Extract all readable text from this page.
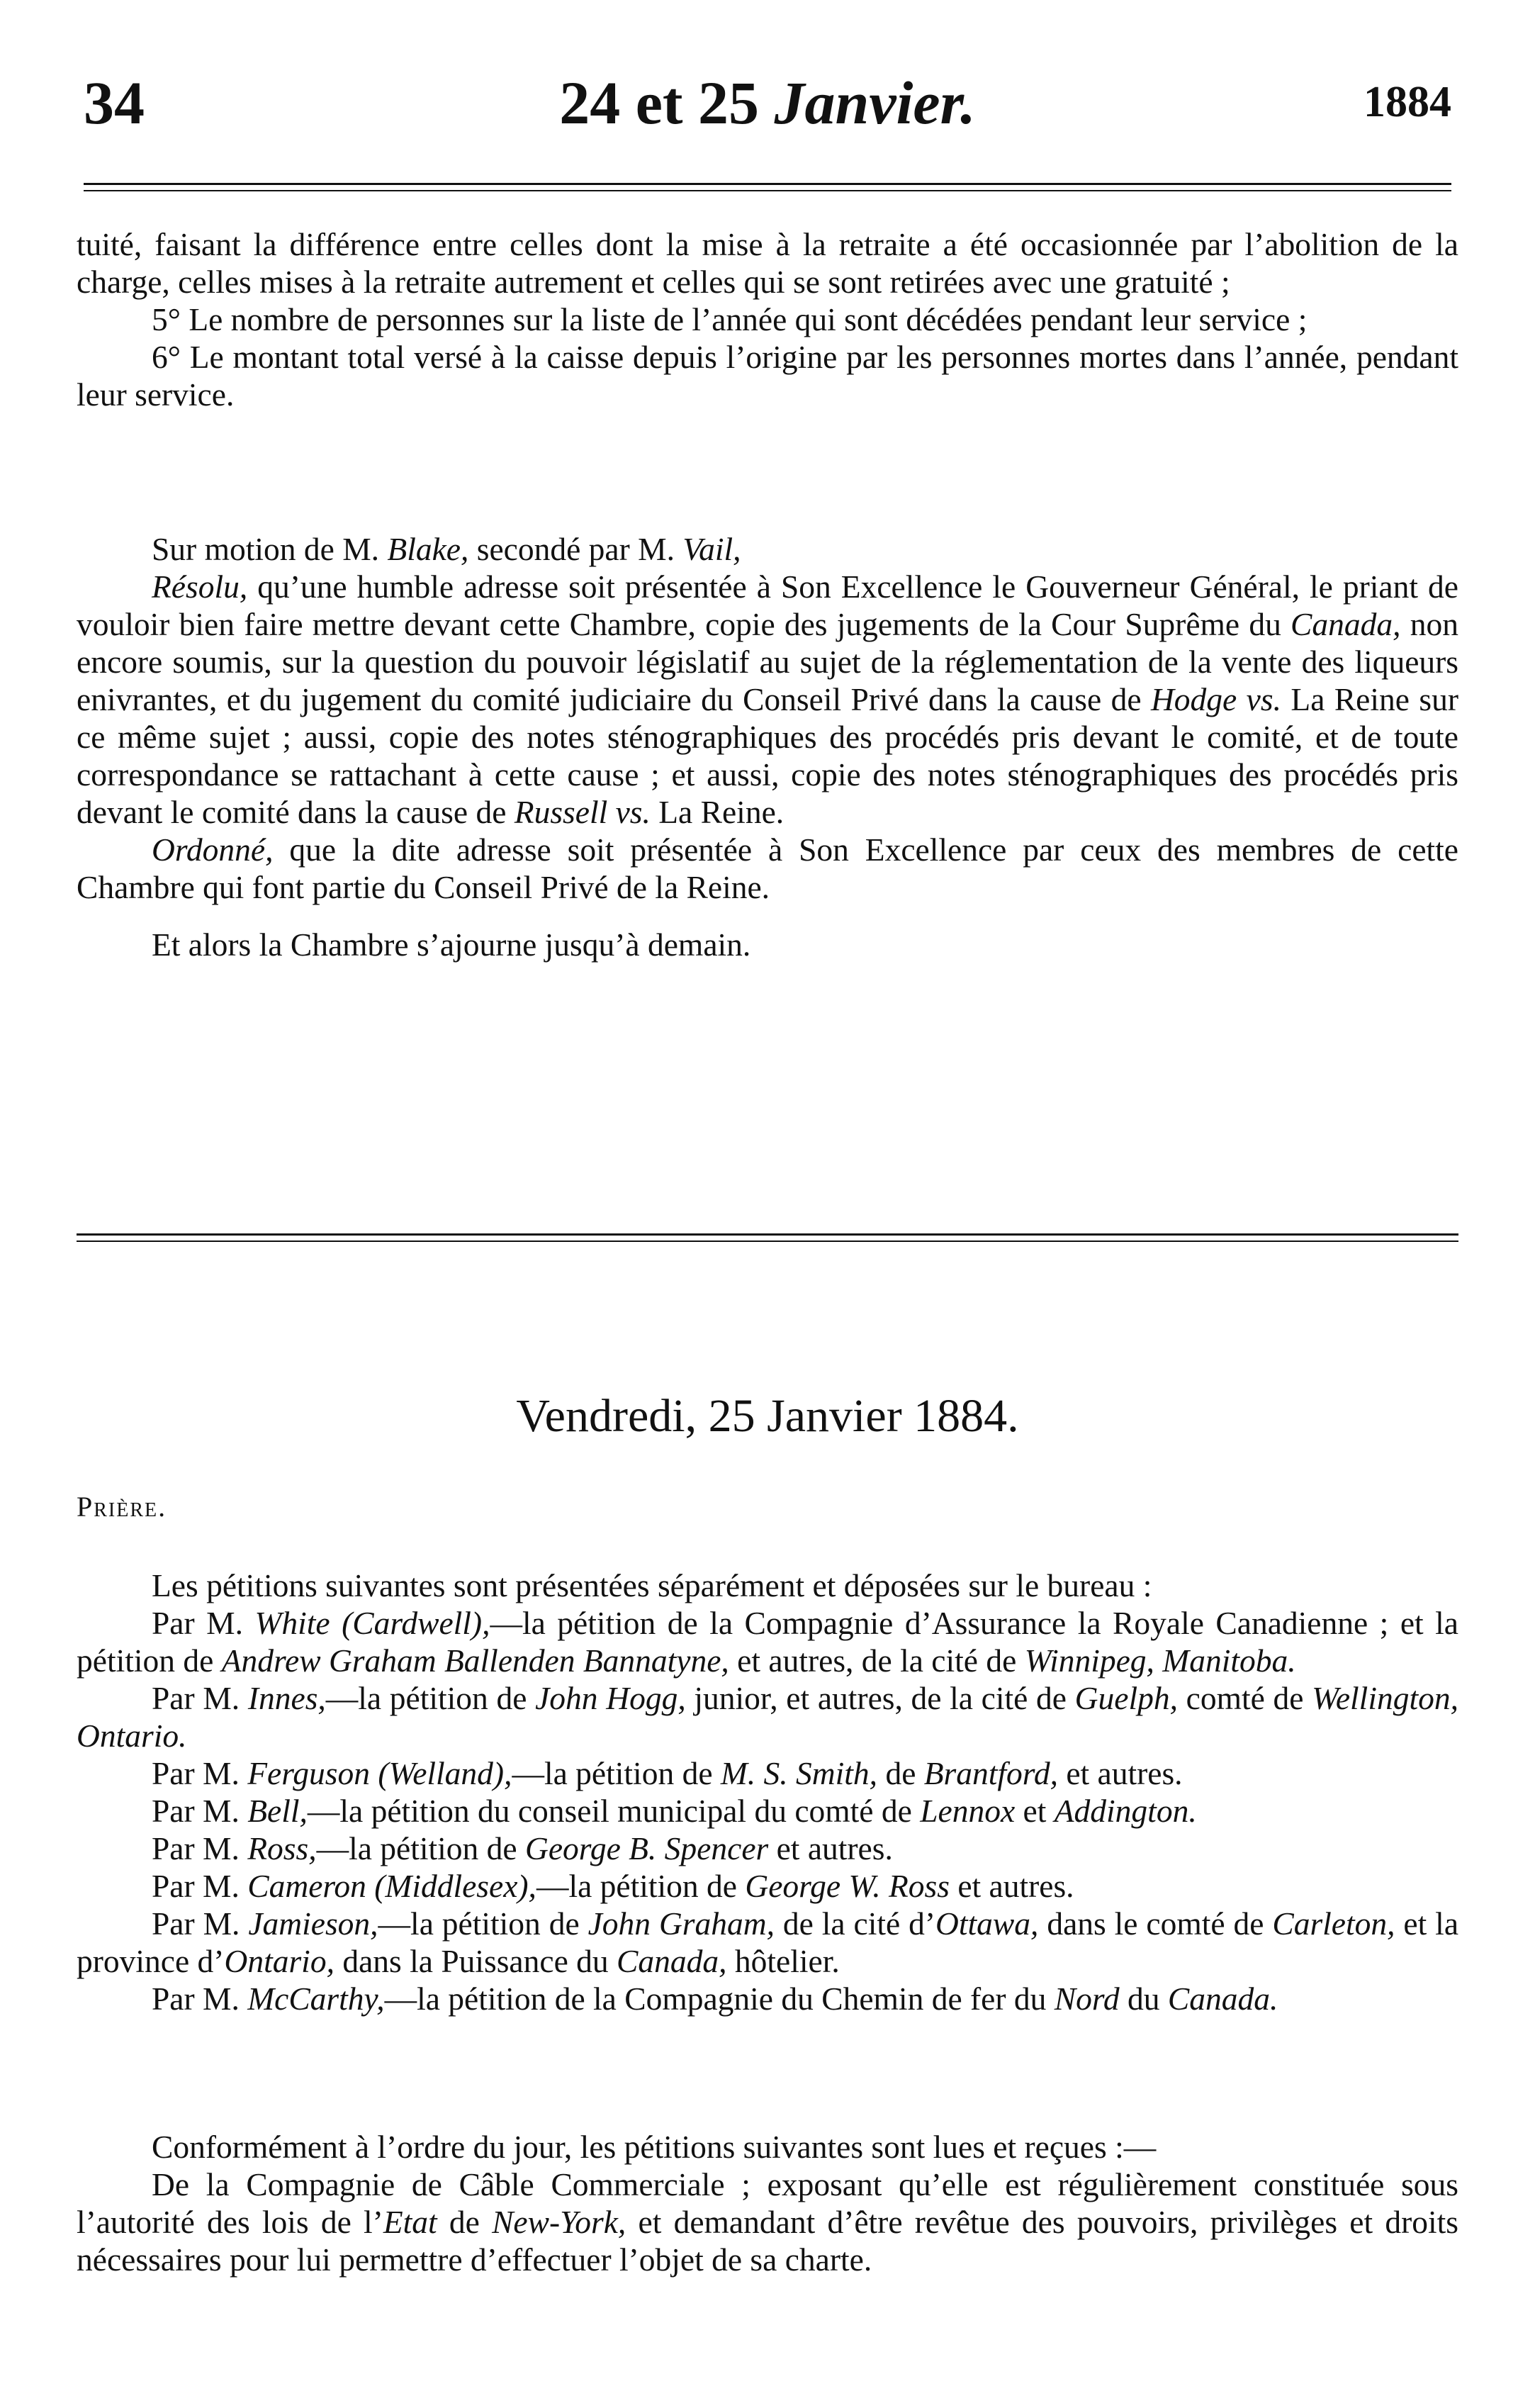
34	24 et 25 Janvier.	1884

tuité, faisant la différence entre celles dont la mise à la retraite a été occasionnée par l’abolition de la charge, celles mises à la retraite autrement et celles qui se sont retirées avec une gratuité ;

5° Le nombre de personnes sur la liste de l’année qui sont décédées pendant leur service ;

6° Le montant total versé à la caisse depuis l’origine par les personnes mortes dans l’année, pendant leur service.

Sur motion de M. Blake, secondé par M. Vail,

Résolu, qu’une humble adresse soit présentée à Son Excellence le Gouverneur Général, le priant de vouloir bien faire mettre devant cette Chambre, copie des jugements de la Cour Suprême du Canada, non encore soumis, sur la question du pouvoir législatif au sujet de la réglementation de la vente des liqueurs enivrantes, et du jugement du comité judiciaire du Conseil Privé dans la cause de Hodge vs. La Reine sur ce même sujet ; aussi, copie des notes sténographiques des procédés pris devant le comité, et de toute correspondance se rattachant à cette cause ; et aussi, copie des notes sténographiques des procédés pris devant le comité dans la cause de Russell vs. La Reine.

Ordonné, que la dite adresse soit présentée à Son Excellence par ceux des membres de cette Chambre qui font partie du Conseil Privé de la Reine.

Et alors la Chambre s’ajourne jusqu’à demain.

Vendredi, 25 Janvier 1884.
Prière.

Les pétitions suivantes sont présentées séparément et déposées sur le bureau :

Par M. White (Cardwell),—la pétition de la Compagnie d’Assurance la Royale Canadienne ; et la pétition de Andrew Graham Ballenden Bannatyne, et autres, de la cité de Winnipeg, Manitoba.

Par M. Innes,—la pétition de John Hogg, junior, et autres, de la cité de Guelph, comté de Wellington, Ontario.

Par M. Ferguson (Welland),—la pétition de M. S. Smith, de Brantford, et autres.

Par M. Bell,—la pétition du conseil municipal du comté de Lennox et Addington.

Par M. Ross,—la pétition de George B. Spencer et autres.

Par M. Cameron (Middlesex),—la pétition de George W. Ross et autres.

Par M. Jamieson,—la pétition de John Graham, de la cité d’Ottawa, dans le comté de Carleton, et la province d’Ontario, dans la Puissance du Canada, hôtelier.

Par M. McCarthy,—la pétition de la Compagnie du Chemin de fer du Nord du Canada.

Conformément à l’ordre du jour, les pétitions suivantes sont lues et reçues :—

De la Compagnie de Câble Commerciale ; exposant qu’elle est régulièrement constituée sous l’autorité des lois de l’Etat de New-York, et demandant d’être revêtue des pouvoirs, privilèges et droits nécessaires pour lui permettre d’effectuer l’objet de sa charte.
